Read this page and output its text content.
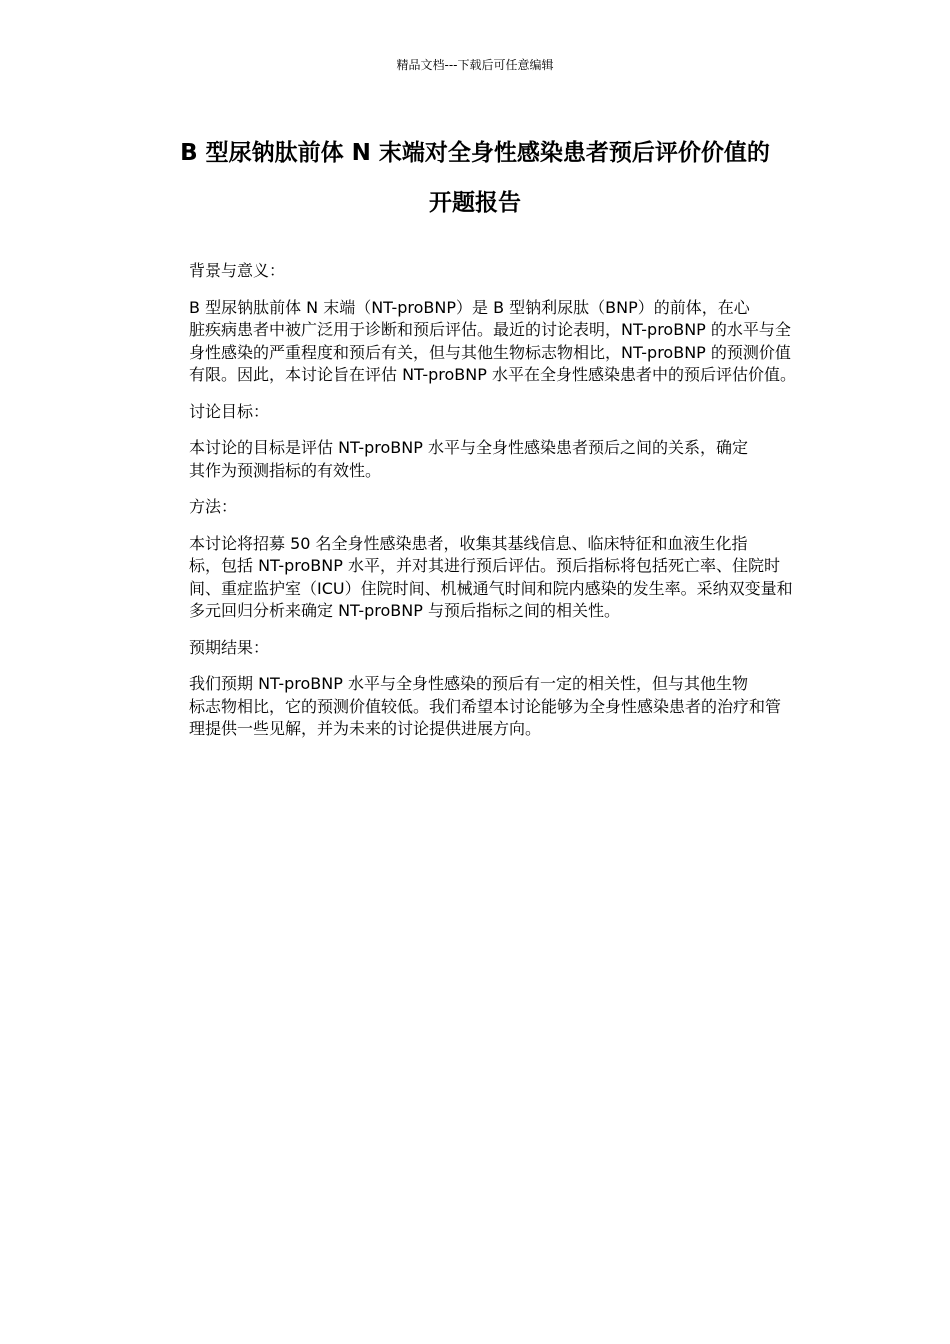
精品文档---下载后可任意编辑
B 型尿钠肽前体 N 末端对全身性感染患者预后评价价值的
开题报告

背景与意义：

B 型尿钠肽前体 N 末端（NT-proBNP）是 B 型钠利尿肽（BNP）的前体，在心
脏疾病患者中被广泛用于诊断和预后评估。最近的讨论表明，NT-proBNP 的水平与全
身性感染的严重程度和预后有关，但与其他生物标志物相比，NT-proBNP 的预测价值
有限。因此，本讨论旨在评估 NT-proBNP 水平在全身性感染患者中的预后评估价值。

讨论目标：

本讨论的目标是评估 NT-proBNP 水平与全身性感染患者预后之间的关系，确定
其作为预测指标的有效性。

方法：

本讨论将招募 50 名全身性感染患者，收集其基线信息、临床特征和血液生化指
标，包括 NT-proBNP 水平，并对其进行预后评估。预后指标将包括死亡率、住院时
间、重症监护室（ICU）住院时间、机械通气时间和院内感染的发生率。采纳双变量和
多元回归分析来确定 NT-proBNP 与预后指标之间的相关性。

预期结果：

我们预期 NT-proBNP 水平与全身性感染的预后有一定的相关性，但与其他生物
标志物相比，它的预测价值较低。我们希望本讨论能够为全身性感染患者的治疗和管
理提供一些见解，并为未来的讨论提供进展方向。
